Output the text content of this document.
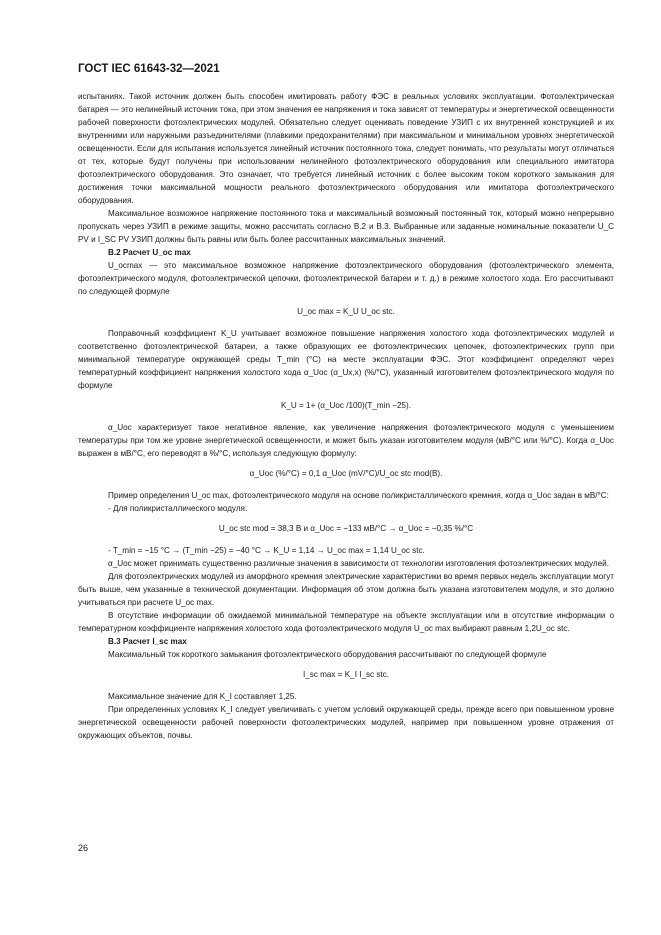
ГОСТ IEC 61643-32—2021

испытаниях. Такой источник должен быть способен имитировать работу ФЭС в реальных условиях эксплуатации. Фотоэлектрическая батарея — это нелинейный источник тока, при этом значения ее напряжения и тока зависят от температуры и энергетической освещенности рабочей поверхности фотоэлектрических модулей. Обязательно следует оценивать поведение УЗИП с их внутренней конструкцией и их внутренними или наружными разъединителями (плавкими предохранителями) при максимальном и минимальном уровнях энергетической освещенности. Если для испытания используется линейный источник постоянного тока, следует понимать, что результаты могут отличаться от тех, которые будут получены при использовании нелинейного фотоэлектрического оборудования или специального имитатора фотоэлектрического оборудования. Это означает, что требуется линейный источник с более высоким током короткого замыкания для достижения точки максимальной мощности реального фотоэлектрического оборудования или имитатора фотоэлектрического оборудования.

Максимальное возможное напряжение постоянного тока и максимальный возможный постоянный ток, который можно непрерывно пропускать через УЗИП в режиме защиты, можно рассчитать согласно В.2 и В.3. Выбранные или заданные номинальные показатели U_C PV и I_SC PV УЗИП должны быть равны или быть более рассчитанных максимальных значений.

В.2 Расчет U_oc max

U_ocmax — это максимальное возможное напряжение фотоэлектрического оборудования (фотоэлектрического элемента, фотоэлектрического модуля, фотоэлектрической цепочки, фотоэлектрической батареи и т. д.) в режиме холостого хода. Его рассчитывают по следующей формуле

U_oc max = K_U U_oc stc.

Поправочный коэффициент K_U учитывает возможное повышение напряжения холостого хода фотоэлектрических модулей и соответственно фотоэлектрической батареи, а также образующих ее фотоэлектрических цепочек, фотоэлектрических групп при минимальной температуре окружающей среды T_min (°С) на месте эксплуатации ФЭС. Этот коэффициент определяют через температурный коэффициент напряжения холостого хода α_Uoc (α_Ux,x) (%/°С), указанный изготовителем фотоэлектрического модуля по формуле

K_U = 1+ (α_Uoc /100)(T_min −25).

α_Uoc характеризует такое негативное явление, как увеличение напряжения фотоэлектрического модуля с уменьшением температуры при том же уровне энергетической освещенности, и может быть указан изготовителем модуля (мВ/°С или %/°С). Когда α_Uoc выражен в мВ/°С, его переводят в %/°С, используя следующую формулу:

α_Uoc (%/°С) = 0,1 α_Uoc (mV/°С)/U_oc stc mod(B).

Пример определения U_oc max, фотоэлектрического модуля на основе поликристаллического кремния, когда α_Uoc задан в мВ/°С:

- Для поликристаллического модуля:

U_oc stc mod = 38,3 В и α_Uoc = −133 мВ/°С → α_Uoc = −0,35 %/°С

- T_min = −15 °С → (T_min −25) = −40 °С → K_U = 1,14 → U_oc max = 1,14 U_oc stc.

α_Uoc может принимать существенно различные значения в зависимости от технологии изготовления фотоэлектрических модулей.

Для фотоэлектрических модулей из аморфного кремния электрические характеристики во время первых недель эксплуатации могут быть выше, чем указанные в технической документации. Информация об этом должна быть указана изготовителем модуля, и это должно учитываться при расчете U_oc max.

В отсутствие информации об ожидаемой минимальной температуре на объекте эксплуатации или в отсутствие информации о температурном коэффициенте напряжения холостого хода фотоэлектрического модуля U_oc max выбирают равным 1,2U_oc stc.

В.3 Расчет I_sc max

Максимальный ток короткого замыкания фотоэлектрического оборудования рассчитывают по следующей формуле

I_sc max = K_I I_sc stc.

Максимальное значение для K_I составляет 1,25.

При определенных условиях K_I следует увеличивать с учетом условий окружающей среды, прежде всего при повышенном уровне энергетической освещенности рабочей поверхности фотоэлектрических модулей, например при повышенном уровне отражения от окружающих объектов, почвы.

26
